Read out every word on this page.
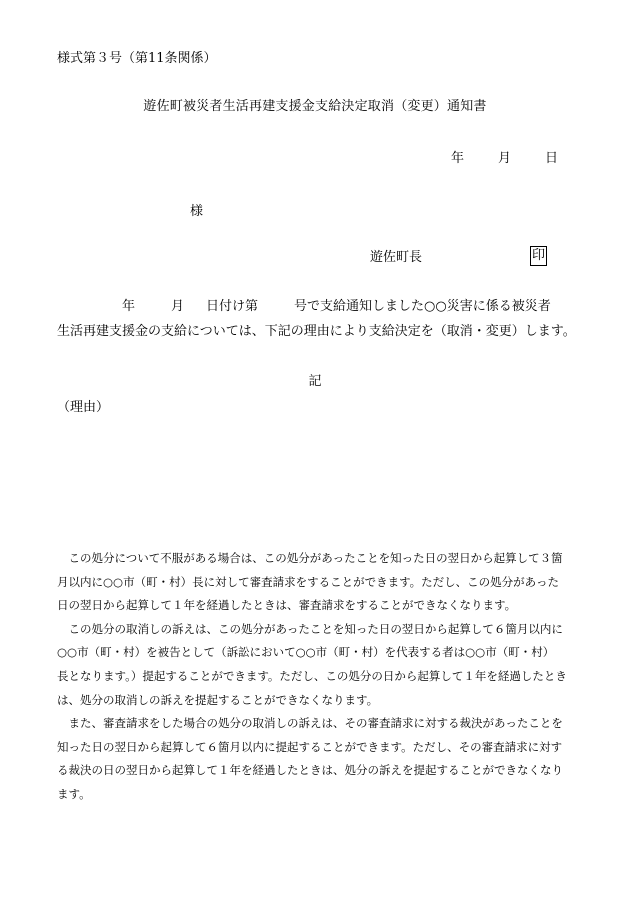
様式第３号（第11条関係）
遊佐町被災者生活再建支援金支給決定取消（変更）通知書
年	月	日
様
遊佐町長	印
年	月 日付け第	号で支給通知しました○○災害に係る被災者
生活再建支援金の支給については、下記の理由により支給決定を（取消・変更）します。
記
（理由）
　この処分について不服がある場合は、この処分があったことを知った日の翌日から起算して３箇
月以内に○○市（町・村）長に対して審査請求をすることができます。ただし、この処分があった
日の翌日から起算して１年を経過したときは、審査請求をすることができなくなります。
　この処分の取消しの訴えは、この処分があったことを知った日の翌日から起算して６箇月以内に
○○市（町・村）を被告として（訴訟において○○市（町・村）を代表する者は○○市（町・村）
長となります。）提起することができます。ただし、この処分の日から起算して１年を経過したとき
は、処分の取消しの訴えを提起することができなくなります。
　また、審査請求をした場合の処分の取消しの訴えは、その審査請求に対する裁決があったことを
知った日の翌日から起算して６箇月以内に提起することができます。ただし、その審査請求に対す
る裁決の日の翌日から起算して１年を経過したときは、処分の訴えを提起することができなくなり
ます。
